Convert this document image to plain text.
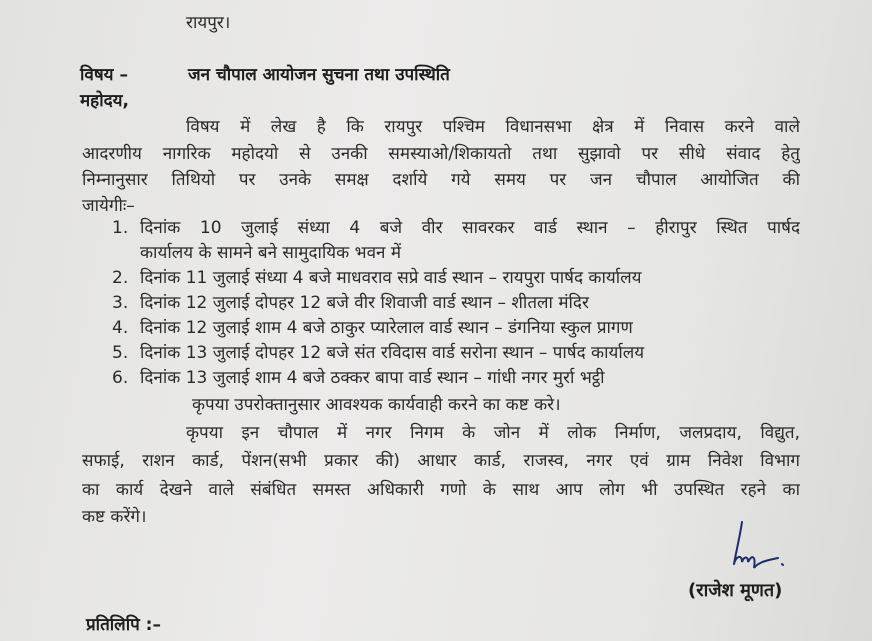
रायपुर।
विषय –	जन चौपाल आयोजन सुचना तथा उपस्थिति
महोदय,
विषय में लेख है कि रायपुर पश्चिम विधानसभा क्षेत्र में निवास करने वाले
आदरणीय नागरिक महोदयो से उनकी समस्याओ/शिकायतो तथा सुझावो पर सीधे संवाद हेतु
निम्नानुसार तिथियो पर उनके समक्ष दर्शाये गये समय पर जन चौपाल आयोजित की
जायेगीः–
1. दिनांक 10 जुलाई संध्या 4 बजे वीर सावरकर वार्ड स्थान – हीरापुर स्थित पार्षद
कार्यालय के सामने बने सामुदायिक भवन में
2. दिनांक 11 जुलाई संध्या 4 बजे माधवराव सप्रे वार्ड स्थान – रायपुरा पार्षद कार्यालय
3. दिनांक 12 जुलाई दोपहर 12 बजे वीर शिवाजी वार्ड स्थान – शीतला मंदिर
4. दिनांक 12 जुलाई शाम 4 बजे ठाकुर प्यारेलाल वार्ड स्थान – डंगनिया स्कुल प्रागण
5. दिनांक 13 जुलाई दोपहर 12 बजे संत रविदास वार्ड सरोना स्थान – पार्षद कार्यालय
6. दिनांक 13 जुलाई शाम 4 बजे ठक्कर बापा वार्ड स्थान – गांधी नगर मुर्रा भट्ठी
कृपया उपरोक्तानुसार आवश्यक कार्यवाही करने का कष्ट करे।
कृपया इन चौपाल में नगर निगम के जोन में लोक निर्माण, जलप्रदाय, विद्युत,
सफाई, राशन कार्ड, पेंशन(सभी प्रकार की) आधार कार्ड, राजस्व, नगर एवं ग्राम निवेश विभाग
का कार्य देखने वाले संबंधित समस्त अधिकारी गणो के साथ आप लोग भी उपस्थित रहने का
कष्ट करेंगे।
(राजेश मूणत)
प्रतिलिपि :–
